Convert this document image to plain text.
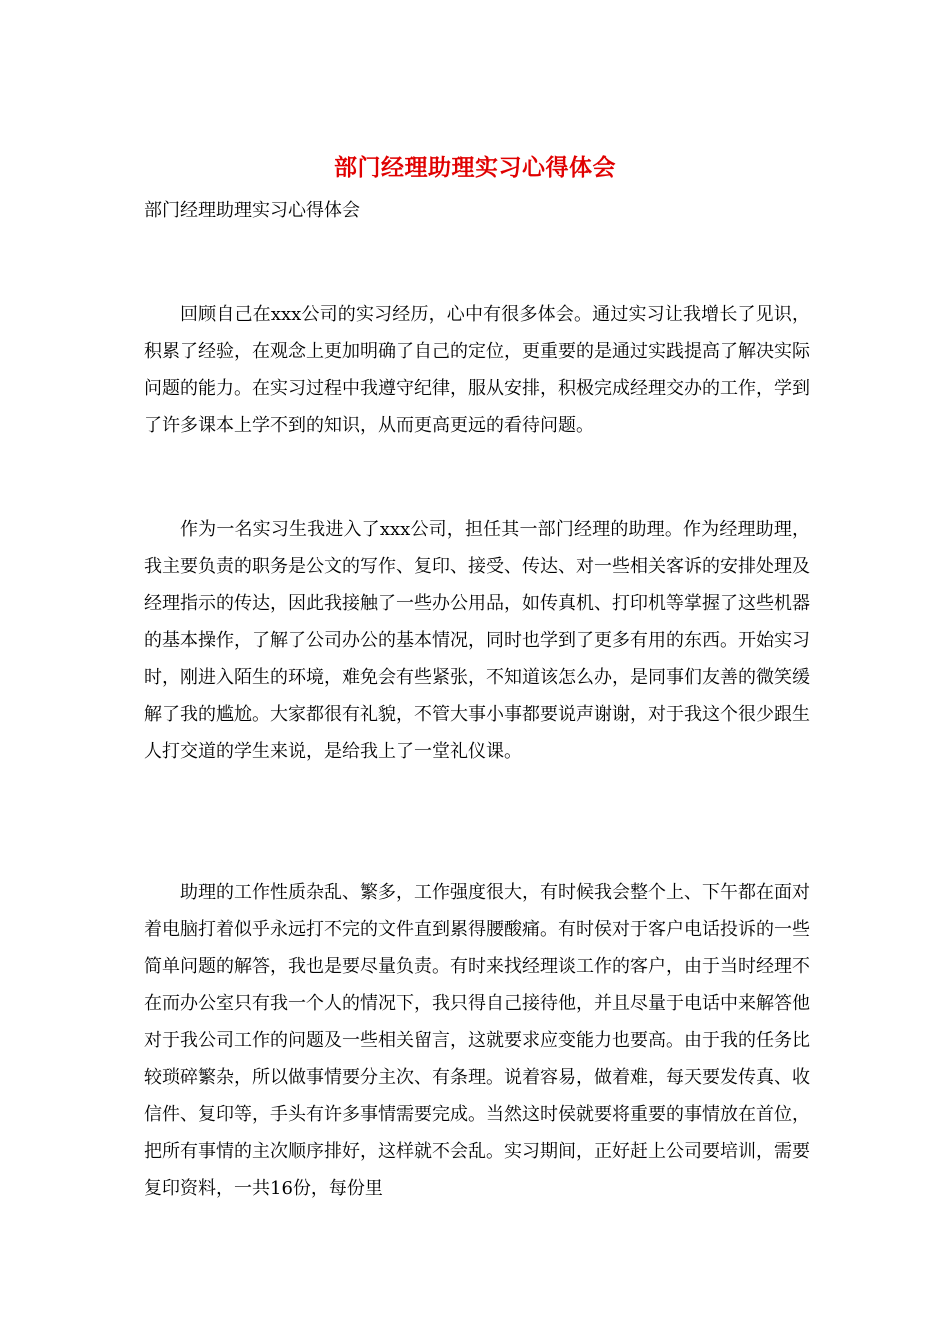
部门经理助理实习心得体会
部门经理助理实习心得体会

回顾自己在xxx公司的实习经历，心中有很多体会。通过实习让我增长了见识，积累了经验，在观念上更加明确了自己的定位，更重要的是通过实践提高了解决实际问题的能力。在实习过程中我遵守纪律，服从安排，积极完成经理交办的工作，学到了许多课本上学不到的知识，从而更高更远的看待问题。

作为一名实习生我进入了xxx公司，担任其一部门经理的助理。作为经理助理，我主要负责的职务是公文的写作、复印、接受、传达、对一些相关客诉的安排处理及经理指示的传达，因此我接触了一些办公用品，如传真机、打印机等掌握了这些机器的基本操作，了解了公司办公的基本情况，同时也学到了更多有用的东西。开始实习时，刚进入陌生的环境，难免会有些紧张，不知道该怎么办，是同事们友善的微笑缓解了我的尴尬。大家都很有礼貌，不管大事小事都要说声谢谢，对于我这个很少跟生人打交道的学生来说，是给我上了一堂礼仪课。

助理的工作性质杂乱、繁多，工作强度很大，有时候我会整个上、下午都在面对着电脑打着似乎永远打不完的文件直到累得腰酸痛。有时侯对于客户电话投诉的一些简单问题的解答，我也是要尽量负责。有时来找经理谈工作的客户，由于当时经理不在而办公室只有我一个人的情况下，我只得自己接待他，并且尽量于电话中来解答他对于我公司工作的问题及一些相关留言，这就要求应变能力也要高。由于我的任务比较琐碎繁杂，所以做事情要分主次、有条理。说着容易，做着难，每天要发传真、收信件、复印等，手头有许多事情需要完成。当然这时侯就要将重要的事情放在首位，把所有事情的主次顺序排好，这样就不会乱。实习期间，正好赶上公司要培训，需要复印资料，一共16份，每份里
